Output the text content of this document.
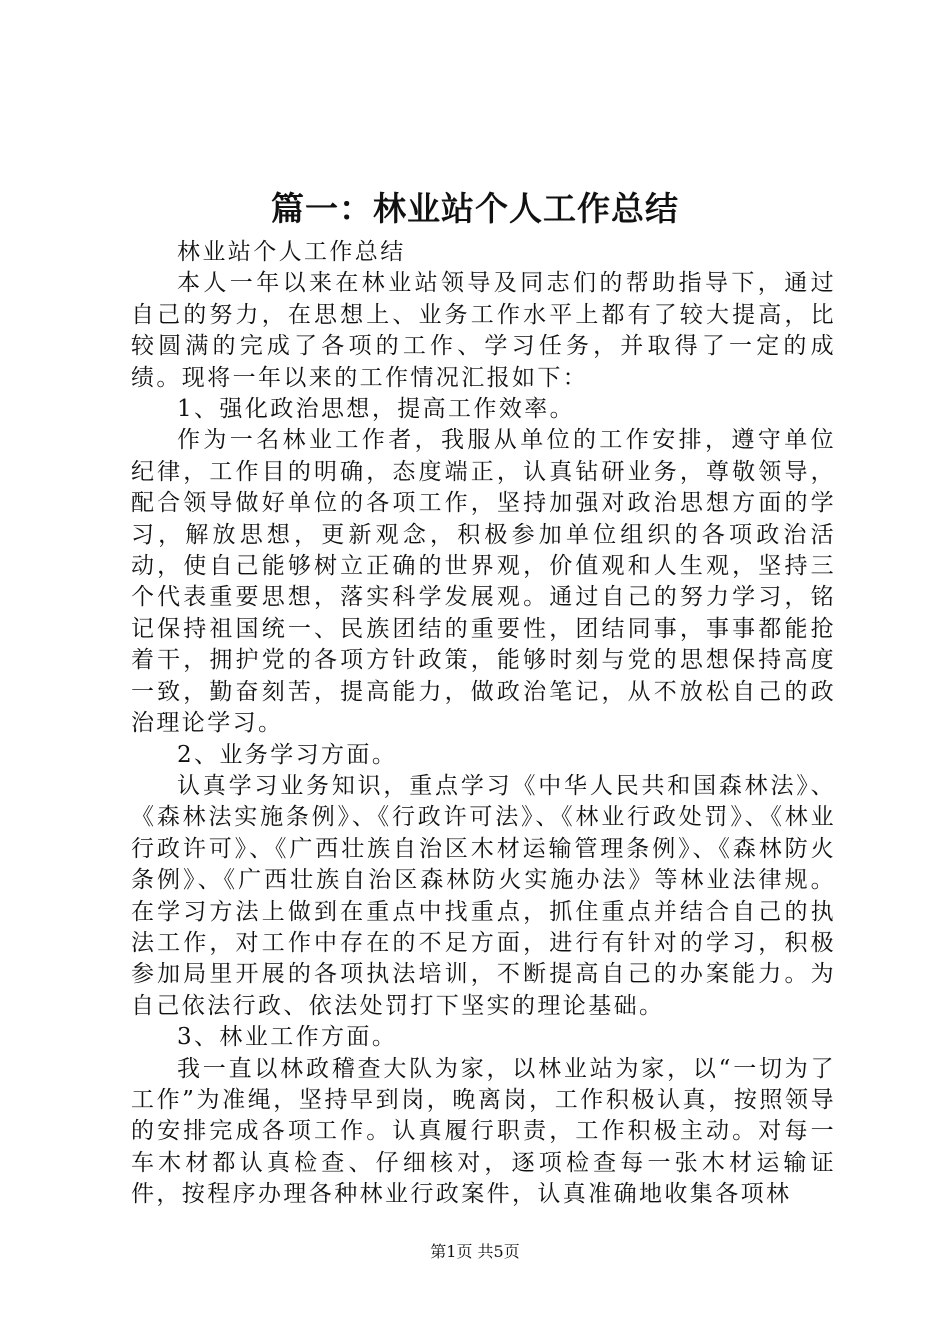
篇一：林业站个人工作总结

林业站个人工作总结

本人一年以来在林业站领导及同志们的帮助指导下，通过自己的努力，在思想上、业务工作水平上都有了较大提高，比较圆满的完成了各项的工作、学习任务，并取得了一定的成绩。现将一年以来的工作情况汇报如下：

1、强化政治思想，提高工作效率。

作为一名林业工作者，我服从单位的工作安排，遵守单位纪律，工作目的明确，态度端正，认真钻研业务，尊敬领导，配合领导做好单位的各项工作，坚持加强对政治思想方面的学习，解放思想，更新观念，积极参加单位组织的各项政治活动，使自己能够树立正确的世界观，价值观和人生观，坚持三个代表重要思想，落实科学发展观。通过自己的努力学习，铭记保持祖国统一、民族团结的重要性，团结同事，事事都能抢着干，拥护党的各项方针政策，能够时刻与党的思想保持高度一致，勤奋刻苦，提高能力，做政治笔记，从不放松自己的政治理论学习。

2、业务学习方面。

认真学习业务知识，重点学习《中华人民共和国森林法》、《森林法实施条例》、《行政许可法》、《林业行政处罚》、《林业行政许可》、《广西壮族自治区木材运输管理条例》、《森林防火条例》、《广西壮族自治区森林防火实施办法》等林业法律规。在学习方法上做到在重点中找重点，抓住重点并结合自己的执法工作，对工作中存在的不足方面，进行有针对的学习，积极参加局里开展的各项执法培训，不断提高自己的办案能力。为自己依法行政、依法处罚打下坚实的理论基础。

3、林业工作方面。

我一直以林政稽查大队为家，以林业站为家，以“一切为了工作”为准绳，坚持早到岗，晚离岗，工作积极认真，按照领导的安排完成各项工作。认真履行职责，工作积极主动。对每一车木材都认真检查、仔细核对，逐项检查每一张木材运输证件，按程序办理各种林业行政案件，认真准确地收集各项林

第1页 共5页
